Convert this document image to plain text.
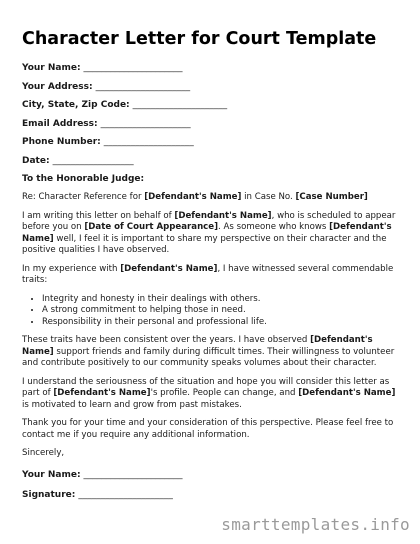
Character Letter for Court Template
Your Name: ______________________
Your Address: _____________________
City, State, Zip Code: _____________________
Email Address: ____________________
Phone Number: ____________________
Date: __________________
To the Honorable Judge:

Re: Character Reference for [Defendant's Name] in Case No. [Case Number]

I am writing this letter on behalf of [Defendant's Name], who is scheduled to appear before you on [Date of Court Appearance]. As someone who knows [Defendant's Name] well, I feel it is important to share my perspective on their character and the positive qualities I have observed.

In my experience with [Defendant's Name], I have witnessed several commendable traits:

• Integrity and honesty in their dealings with others.
• A strong commitment to helping those in need.
• Responsibility in their personal and professional life.

These traits have been consistent over the years. I have observed [Defendant's Name] support friends and family during difficult times. Their willingness to volunteer and contribute positively to our community speaks volumes about their character.

I understand the seriousness of the situation and hope you will consider this letter as part of [Defendant's Name]'s profile. People can change, and [Defendant's Name] is motivated to learn and grow from past mistakes.

Thank you for your time and your consideration of this perspective. Please feel free to contact me if you require any additional information.

Sincerely,
Your Name: ______________________
Signature: _____________________
smarttemplates.info
